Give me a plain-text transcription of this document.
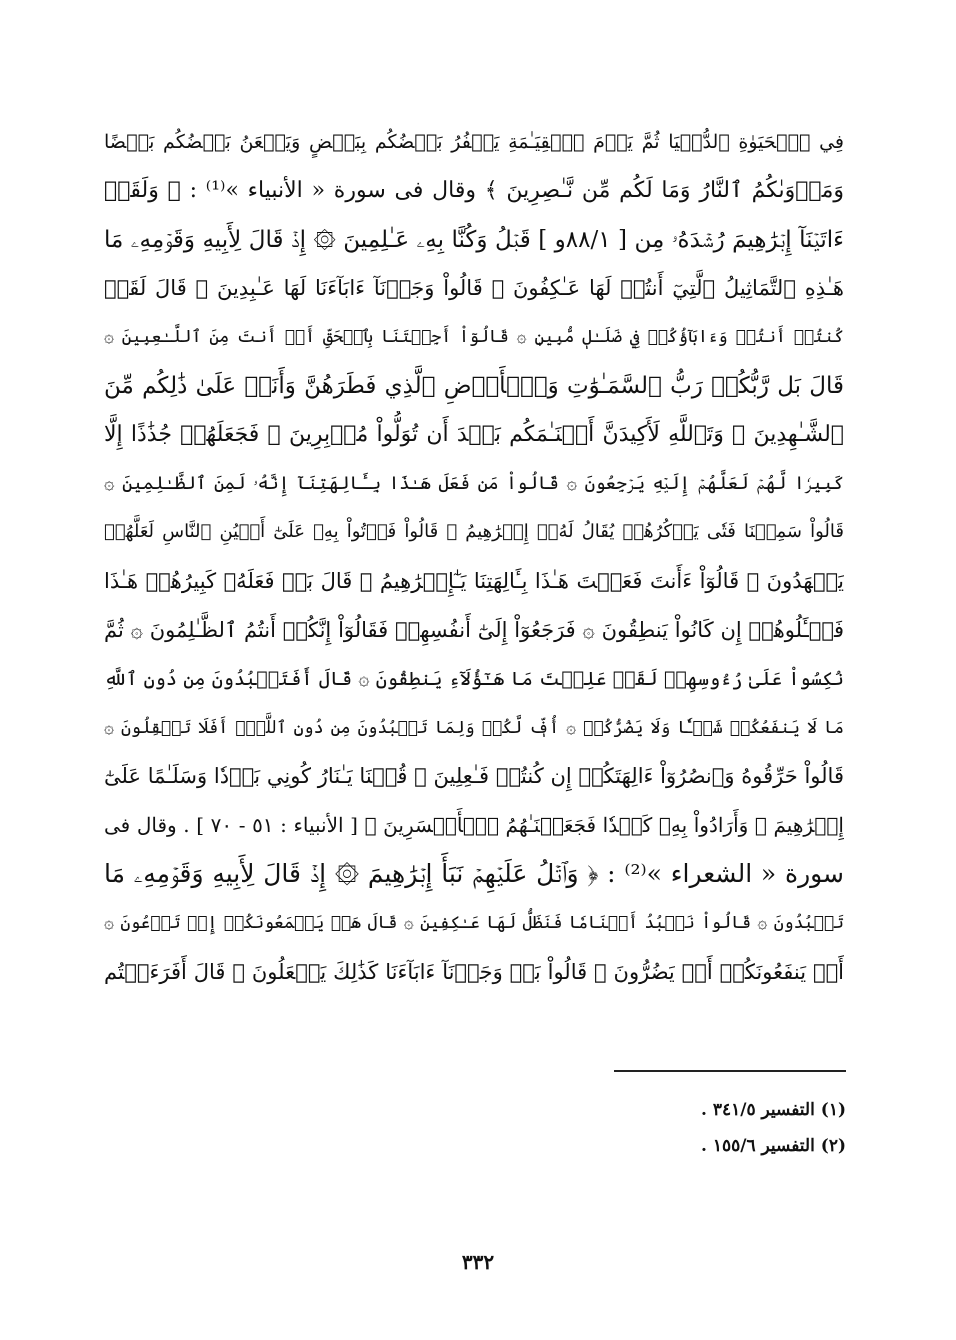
فِي ٱلۡحَيَوٰةِ ٱلدُّنۡيَا ثُمَّ يَوۡمَ ٱلۡقِيَـٰمَةِ يَكۡفُرُ بَعۡضُكُم بِبَعۡضٍ وَيَلۡعَنُ بَعۡضُكُم بَعۡضًا
وَمَأۡوَىٰكُمُ ٱلنَّارُ وَمَا لَكُم مِّن نَّـٰصِرِينَ ﴾ وقال فى سورة « الأنبياء »⁽¹⁾ : ﴿ وَلَقَدۡ
ءَاتَيۡنَآ إِبۡرَٰهِيمَ رُشۡدَهُۥ مِن [ ٨٨/١و ] قَبۡلُ وَكُنَّا بِهِۦ عَـٰلِمِينَ ۞ إِذۡ قَالَ لِأَبِيهِ وَقَوۡمِهِۦ مَا
هَـٰذِهِ ٱلتَّمَاثِيلُ ٱلَّتِيٓ أَنتُمۡ لَهَا عَـٰكِفُونَ ۞ قَالُواْ وَجَدۡنَآ ءَابَآءَنَا لَهَا عَـٰبِدِينَ ۞ قَالَ لَقَدۡ
كُنتُمۡ أَنتُمۡ وَءَابَآؤُكُمۡ فِي ضَلَـٰلٖ مُّبِينٖ ۞ قَالُوٓاْ أَجِئۡتَنَا بِٱلۡحَقِّ أَمۡ أَنتَ مِنَ ٱللَّـٰعِبِينَ ۞
قَالَ بَل رَّبُّكُمۡ رَبُّ ٱلسَّمَـٰوَٰتِ وَٱلۡأَرۡضِ ٱلَّذِي فَطَرَهُنَّ وَأَنَا۠ عَلَىٰ ذَٰلِكُم مِّنَ
ٱلشَّـٰهِدِينَ ۞ وَتَٱللَّهِ لَأَكِيدَنَّ أَصۡنَـٰمَكُم بَعۡدَ أَن تُوَلُّواْ مُدۡبِرِينَ ۞ فَجَعَلَهُمۡ جُذَٰذًا إِلَّا
كَبِيرٗا لَّهُمۡ لَعَلَّهُمۡ إِلَيۡهِ يَرۡجِعُونَ ۞ قَالُواْ مَن فَعَلَ هَـٰذَا بِـَٔالِهَتِنَآ إِنَّهُۥ لَمِنَ ٱلظَّـٰلِمِينَ ۞
قَالُواْ سَمِعۡنَا فَتٗى يَذۡكُرُهُمۡ يُقَالُ لَهُۥٓ إِبۡرَٰهِيمُ ۞ قَالُواْ فَأۡتُواْ بِهِۦ عَلَىٰٓ أَعۡيُنِ ٱلنَّاسِ لَعَلَّهُمۡ
يَشۡهَدُونَ ۞ قَالُوٓاْ ءَأَنتَ فَعَلۡتَ هَـٰذَا بِـَٔالِهَتِنَا يَـٰٓإِبۡرَٰهِيمُ ۞ قَالَ بَلۡ فَعَلَهُۥ كَبِيرُهُمۡ هَـٰذَا
فَسۡـَٔلُوهُمۡ إِن كَانُواْ يَنطِقُونَ ۞ فَرَجَعُوٓاْ إِلَىٰٓ أَنفُسِهِمۡ فَقَالُوٓاْ إِنَّكُمۡ أَنتُمُ ٱلظَّـٰلِمُونَ ۞ ثُمَّ
نُكِسُواْ عَلَىٰ رُءُوسِهِمۡ لَقَدۡ عَلِمۡتَ مَا هَـٰٓؤُلَآءِ يَنطِقُونَ ۞ قَالَ أَفَتَعۡبُدُونَ مِن دُونِ ٱللَّهِ
مَا لَا يَنفَعُكُمۡ شَيۡـٔٗا وَلَا يَضُرُّكُمۡ ۞ أُفّٖ لَّكُمۡ وَلِمَا تَعۡبُدُونَ مِن دُونِ ٱللَّهِۚ أَفَلَا تَعۡقِلُونَ ۞
قَالُواْ حَرِّقُوهُ وَٱنصُرُوٓاْ ءَالِهَتَكُمۡ إِن كُنتُمۡ فَـٰعِلِينَ ۞ قُلۡنَا يَـٰنَارُ كُونِي بَرۡدٗا وَسَلَـٰمًا عَلَىٰٓ
إِبۡرَٰهِيمَ ۞ وَأَرَادُواْ بِهِۦ كَيۡدٗا فَجَعَلۡنَـٰهُمُ ٱلۡأَخۡسَرِينَ ﴾ [ الأنبياء : ٥١ - ٧٠ ] . وقال فى
سورة « الشعراء »⁽²⁾ : ﴿ وَٱتۡلُ عَلَيۡهِمۡ نَبَأَ إِبۡرَٰهِيمَ ۞ إِذۡ قَالَ لِأَبِيهِ وَقَوۡمِهِۦ مَا
تَعۡبُدُونَ ۞ قَالُواْ نَعۡبُدُ أَصۡنَامٗا فَنَظَلُّ لَهَا عَـٰكِفِينَ ۞ قَالَ هَلۡ يَسۡمَعُونَكُمۡ إِذۡ تَدۡعُونَ ۞
أَوۡ يَنفَعُونَكُمۡ أَوۡ يَضُرُّونَ ۞ قَالُواْ بَلۡ وَجَدۡنَآ ءَابَآءَنَا كَذَٰلِكَ يَفۡعَلُونَ ۞ قَالَ أَفَرَءَيۡتُم
(١) التفسير ٣٤١/٥ .
(٢) التفسير ١٥٥/٦ .
٣٣٢
